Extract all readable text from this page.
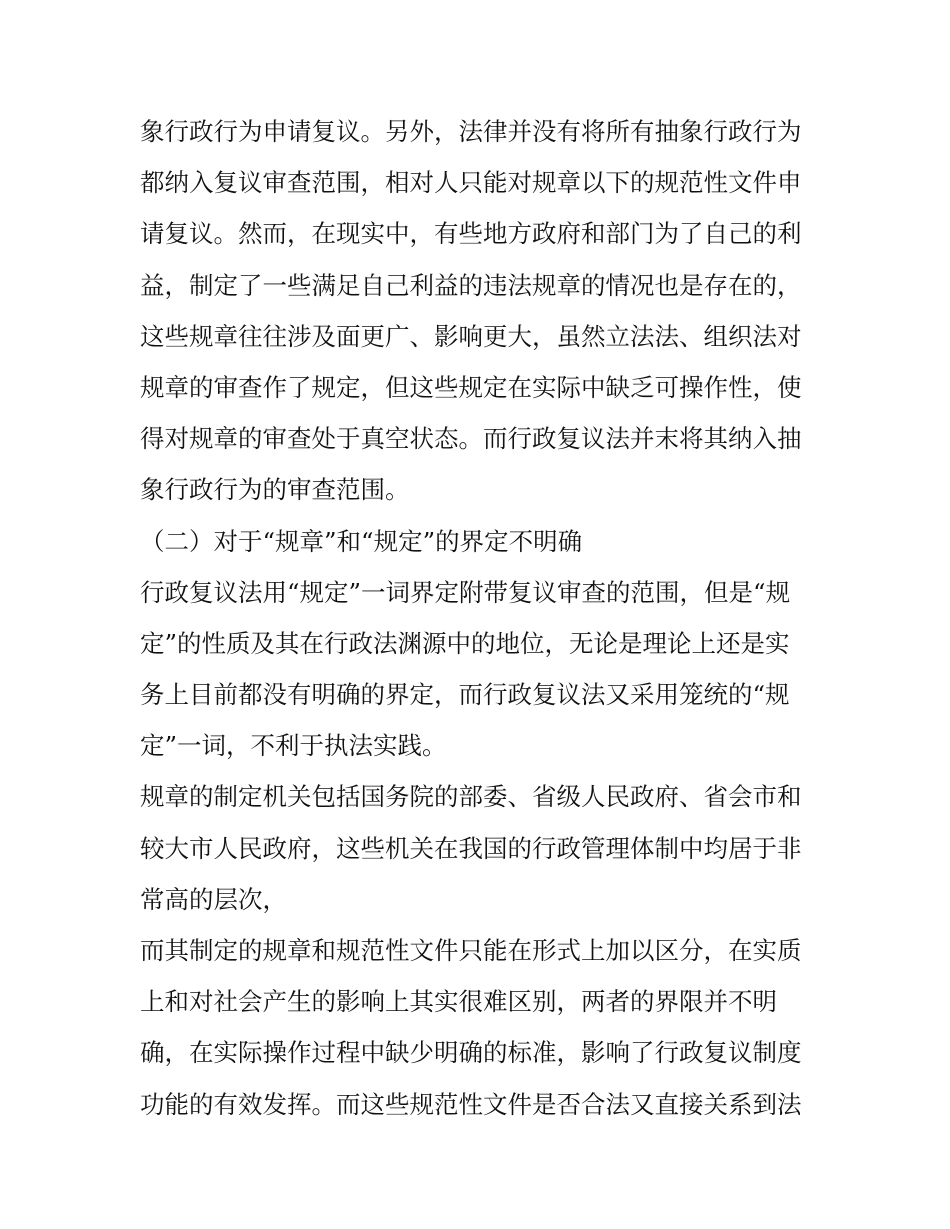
象行政行为申请复议。另外，法律并没有将所有抽象行政行为
都纳入复议审查范围，相对人只能对规章以下的规范性文件申
请复议。然而，在现实中，有些地方政府和部门为了自己的利
益，制定了一些满足自己利益的违法规章的情况也是存在的，
这些规章往往涉及面更广、影响更大，虽然立法法、组织法对
规章的审查作了规定，但这些规定在实际中缺乏可操作性，使
得对规章的审查处于真空状态。而行政复议法并末将其纳入抽
象行政行为的审查范围。
（二）对于“规章”和“规定”的界定不明确
行政复议法用“规定”一词界定附带复议审查的范围，但是“规
定”的性质及其在行政法渊源中的地位，无论是理论上还是实
务上目前都没有明确的界定，而行政复议法又采用笼统的“规
定”一词，不利于执法实践。
规章的制定机关包括国务院的部委、省级人民政府、省会市和
较大市人民政府，这些机关在我国的行政管理体制中均居于非
常高的层次，
而其制定的规章和规范性文件只能在形式上加以区分，在实质
上和对社会产生的影响上其实很难区别，两者的界限并不明
确，在实际操作过程中缺少明确的标准，影响了行政复议制度
功能的有效发挥。而这些规范性文件是否合法又直接关系到法
